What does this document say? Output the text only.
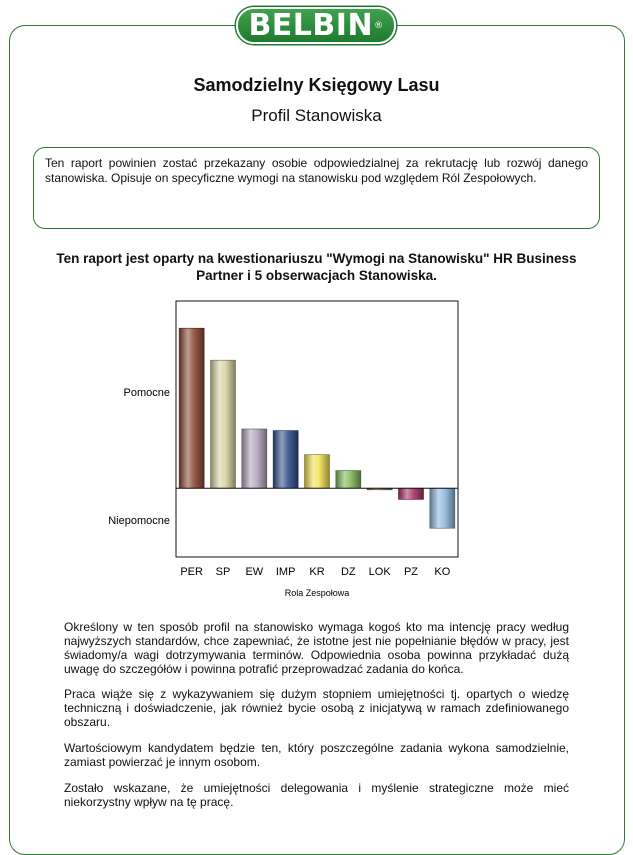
BELBIN ®
Samodzielny Księgowy Lasu
Profil Stanowiska
Ten raport powinien zostać przekazany osobie odpowiedzialnej za rekrutację lub rozwój danego stanowiska. Opisuje on specyficzne wymogi na stanowisku pod względem Ról Zespołowych.
Ten raport jest oparty na kwestionariuszu "Wymogi na Stanowisku" HR Business
Partner i 5 obserwacjach Stanowiska.
Pomocne
Niepomocne
PER SP EW IMP KR DZ LOK PZ KO
Rola Zespołowa

Określony w ten sposób profil na stanowisko wymaga kogoś kto ma intencję pracy według najwyższych standardów, chce zapewniać, że istotne jest nie popełnianie błędów w pracy, jest świadomy/a wagi dotrzymywania terminów. Odpowiednia osoba powinna przykładać dużą uwagę do szczegółów i powinna potrafić przeprowadzać zadania do końca.

Praca wiąże się z wykazywaniem się dużym stopniem umiejętności tj. opartych o wiedzę techniczną i doświadczenie, jak również bycie osobą z inicjatywą w ramach zdefiniowanego obszaru.

Wartościowym kandydatem będzie ten, który poszczególne zadania wykona samodzielnie, zamiast powierzać je innym osobom.

Zostało wskazane, że umiejętności delegowania i myślenie strategiczne może mieć niekorzystny wpływ na tę pracę.
